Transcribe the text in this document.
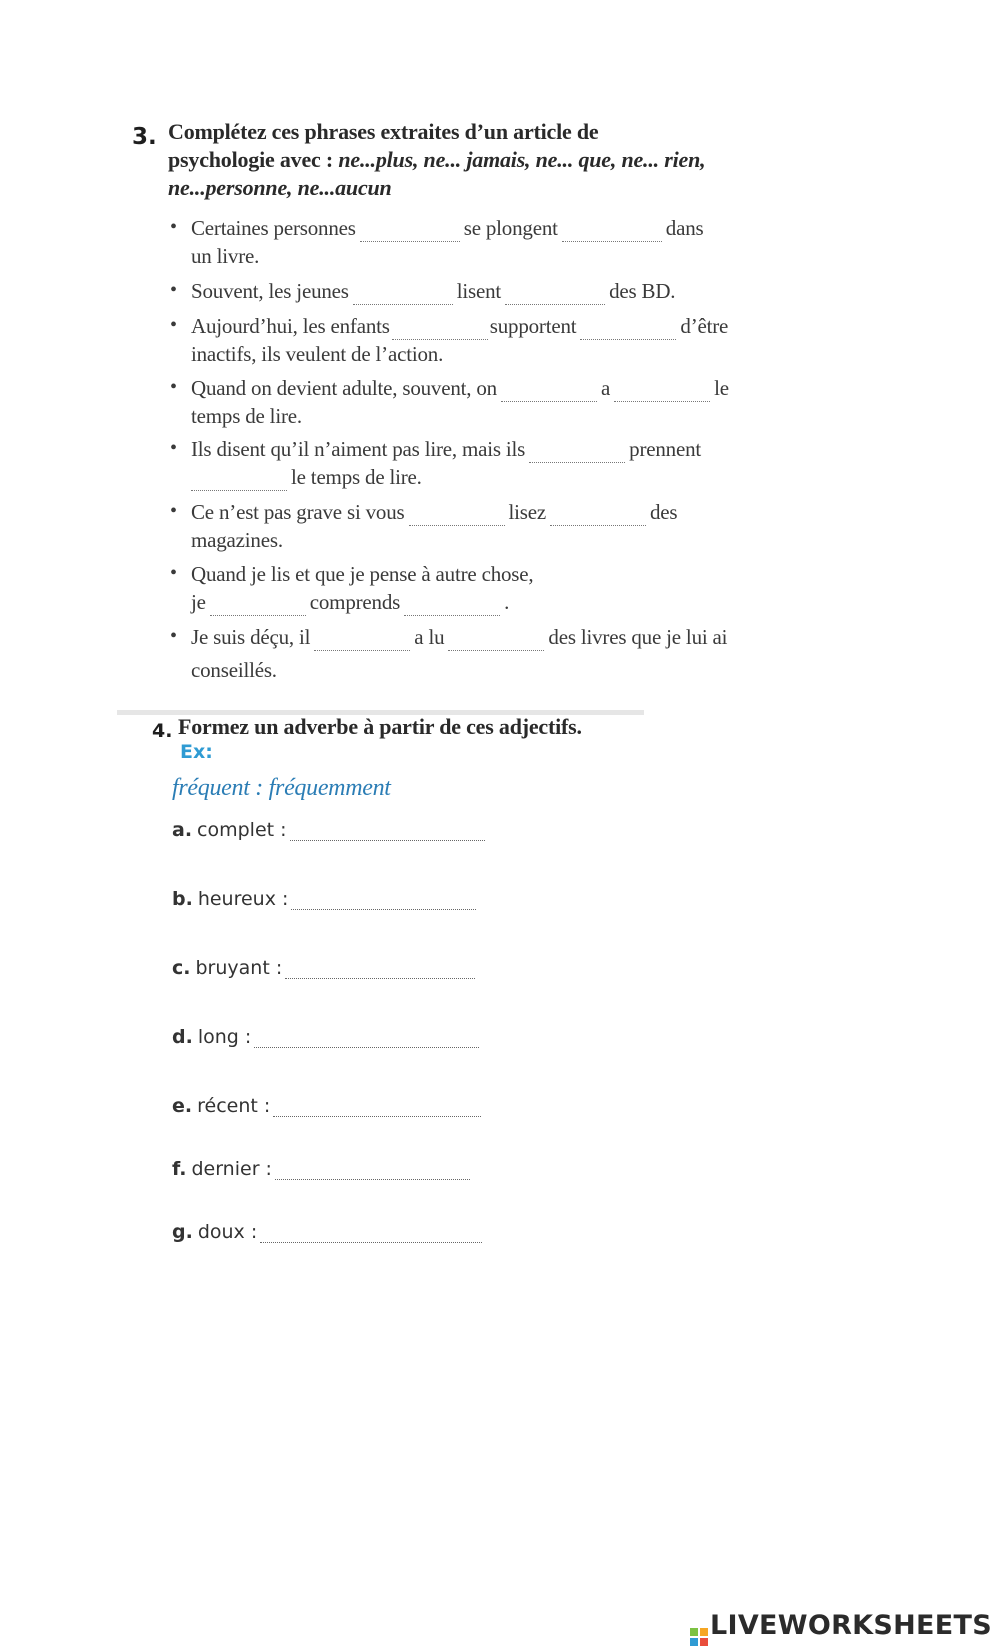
3. Complétez ces phrases extraites d’un article de
psychologie avec : ne...plus, ne... jamais, ne... que, ne... rien,
ne...personne, ne...aucun
• Certaines personnes	se plongent	dans
un livre.
• Souvent, les jeunes	lisent	des BD.
• Aujourd’hui, les enfants	supportent	d’être
inactifs, ils veulent de l’action.
• Quand on devient adulte, souvent, on	a	le
temps de lire.
• Ils disent qu’il n’aiment pas lire, mais ils	prennent
le temps de lire.
• Ce n’est pas grave si vous	lisez	des
magazines.
• Quand je lis et que je pense à autre chose,
je	comprends	.
• Je suis déçu, il	a lu	des livres que je lui ai
conseillés.
4. Formez un adverbe à partir de ces adjectifs.
Ex:
fréquent : fréquemment
a. complet :
b. heureux :
c. bruyant :
d. long :
e. récent :
f. dernier :
g. doux :
LIVEWORKSHEETS
